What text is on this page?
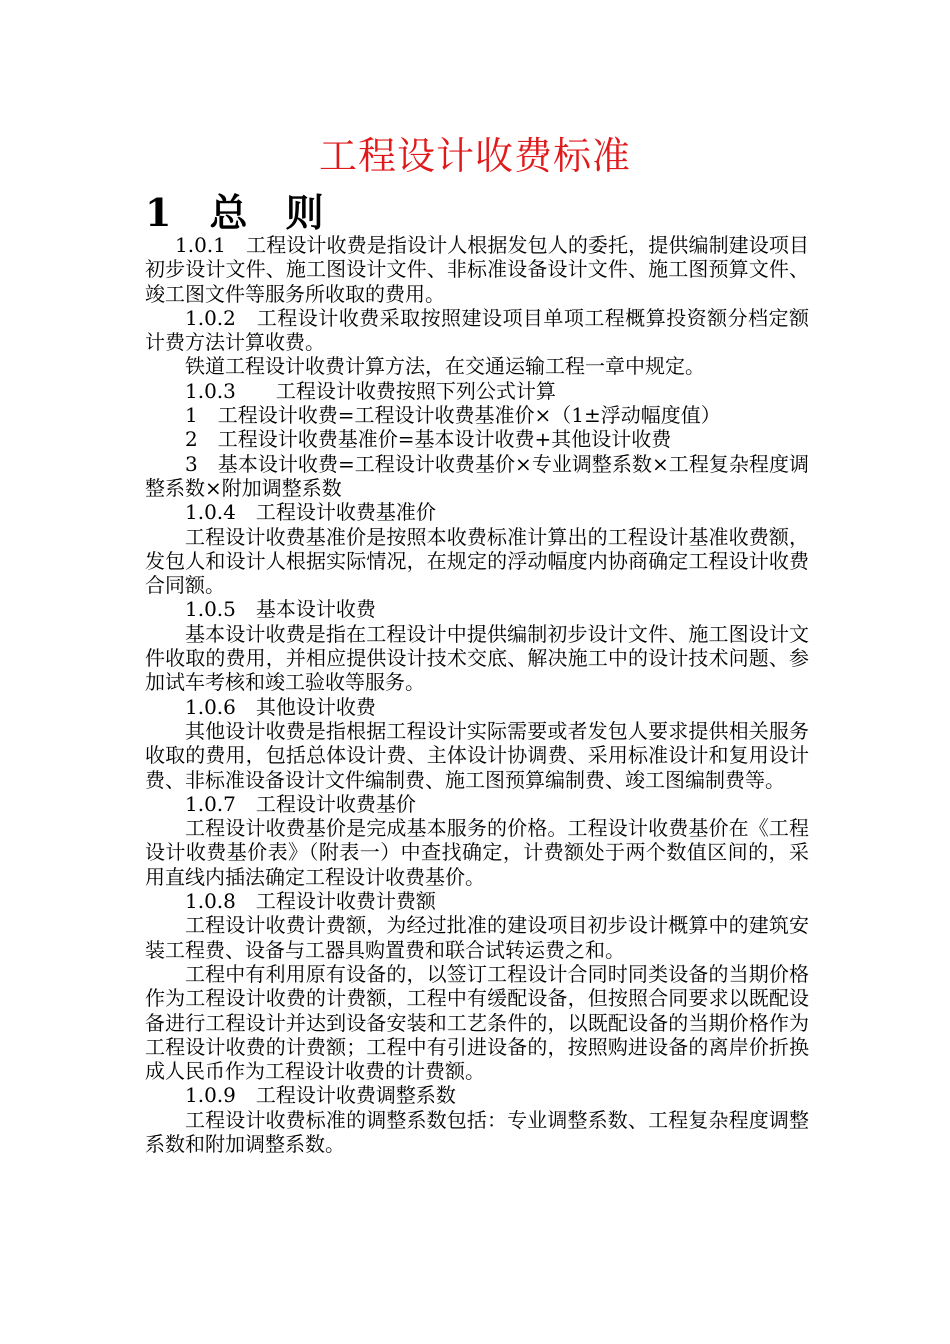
工程设计收费标准
1　总　则

1.0.1　工程设计收费是指设计人根据发包人的委托，提供编制建设项目初步设计文件、施工图设计文件、非标准设备设计文件、施工图预算文件、竣工图文件等服务所收取的费用。

1.0.2　工程设计收费采取按照建设项目单项工程概算投资额分档定额计费方法计算收费。

铁道工程设计收费计算方法，在交通运输工程一章中规定。

1.0.3　　工程设计收费按照下列公式计算

1　工程设计收费=工程设计收费基准价×（1±浮动幅度值）

2　工程设计收费基准价=基本设计收费+其他设计收费

3　基本设计收费=工程设计收费基价×专业调整系数×工程复杂程度调整系数×附加调整系数

1.0.4　工程设计收费基准价

工程设计收费基准价是按照本收费标准计算出的工程设计基准收费额，发包人和设计人根据实际情况，在规定的浮动幅度内协商确定工程设计收费合同额。

1.0.5　基本设计收费

基本设计收费是指在工程设计中提供编制初步设计文件、施工图设计文件收取的费用，并相应提供设计技术交底、解决施工中的设计技术问题、参加试车考核和竣工验收等服务。

1.0.6　其他设计收费

其他设计收费是指根据工程设计实际需要或者发包人要求提供相关服务收取的费用，包括总体设计费、主体设计协调费、采用标准设计和复用设计费、非标准设备设计文件编制费、施工图预算编制费、竣工图编制费等。

1.0.7　工程设计收费基价

工程设计收费基价是完成基本服务的价格。工程设计收费基价在《工程设计收费基价表》（附表一）中查找确定，计费额处于两个数值区间的，采用直线内插法确定工程设计收费基价。

1.0.8　工程设计收费计费额

工程设计收费计费额，为经过批准的建设项目初步设计概算中的建筑安装工程费、设备与工器具购置费和联合试转运费之和。

工程中有利用原有设备的，以签订工程设计合同时同类设备的当期价格作为工程设计收费的计费额，工程中有缓配设备，但按照合同要求以既配设备进行工程设计并达到设备安装和工艺条件的，以既配设备的当期价格作为工程设计收费的计费额；工程中有引进设备的，按照购进设备的离岸价折换成人民币作为工程设计收费的计费额。

1.0.9　工程设计收费调整系数

工程设计收费标准的调整系数包括：专业调整系数、工程复杂程度调整系数和附加调整系数。
